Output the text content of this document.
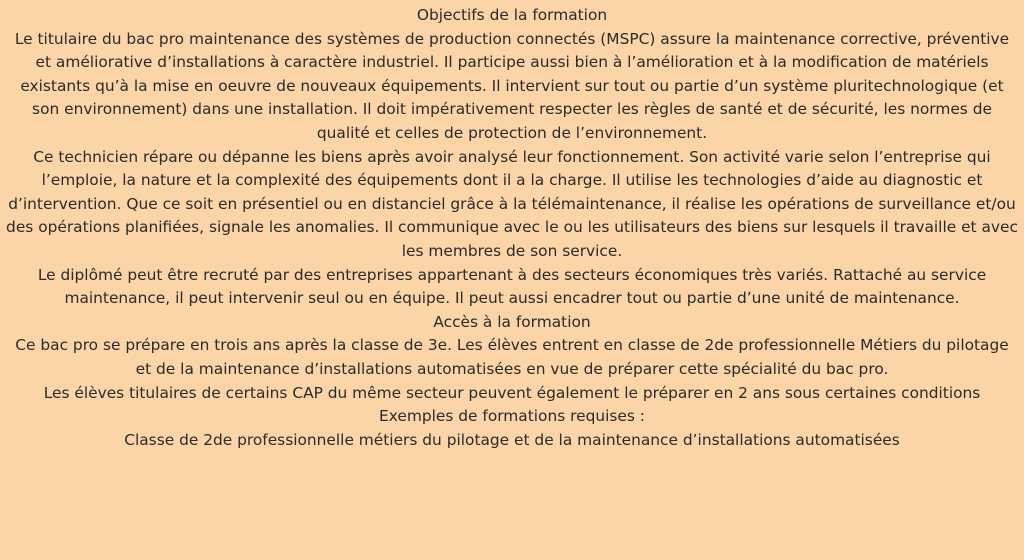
Objectifs de la formation

Le titulaire du bac pro maintenance des systèmes de production connectés (MSPC) assure la maintenance corrective, préventive et améliorative d’installations à caractère industriel. Il participe aussi bien à l’amélioration et à la modification de matériels existants qu’à la mise en oeuvre de nouveaux équipements. Il intervient sur tout ou partie d’un système pluritechnologique (et son environnement) dans une installation. Il doit impérativement respecter les règles de santé et de sécurité, les normes de qualité et celles de protection de l’environnement.

Ce technicien répare ou dépanne les biens après avoir analysé leur fonctionnement. Son activité varie selon l’entreprise qui l’emploie, la nature et la complexité des équipements dont il a la charge. Il utilise les technologies d’aide au diagnostic et d’intervention. Que ce soit en présentiel ou en distanciel grâce à la télémaintenance, il réalise les opérations de surveillance et/ou des opérations planifiées, signale les anomalies. Il communique avec le ou les utilisateurs des biens sur lesquels il travaille et avec les membres de son service.

Le diplômé peut être recruté par des entreprises appartenant à des secteurs économiques très variés. Rattaché au service maintenance, il peut intervenir seul ou en équipe. Il peut aussi encadrer tout ou partie d’une unité de maintenance.

Accès à la formation

Ce bac pro se prépare en trois ans après la classe de 3e. Les élèves entrent en classe de 2de professionnelle Métiers du pilotage et de la maintenance d’installations automatisées en vue de préparer cette spécialité du bac pro.

Les élèves titulaires de certains CAP du même secteur peuvent également le préparer en 2 ans sous certaines conditions

Exemples de formations requises :

Classe de 2de professionnelle métiers du pilotage et de la maintenance d’installations automatisées
